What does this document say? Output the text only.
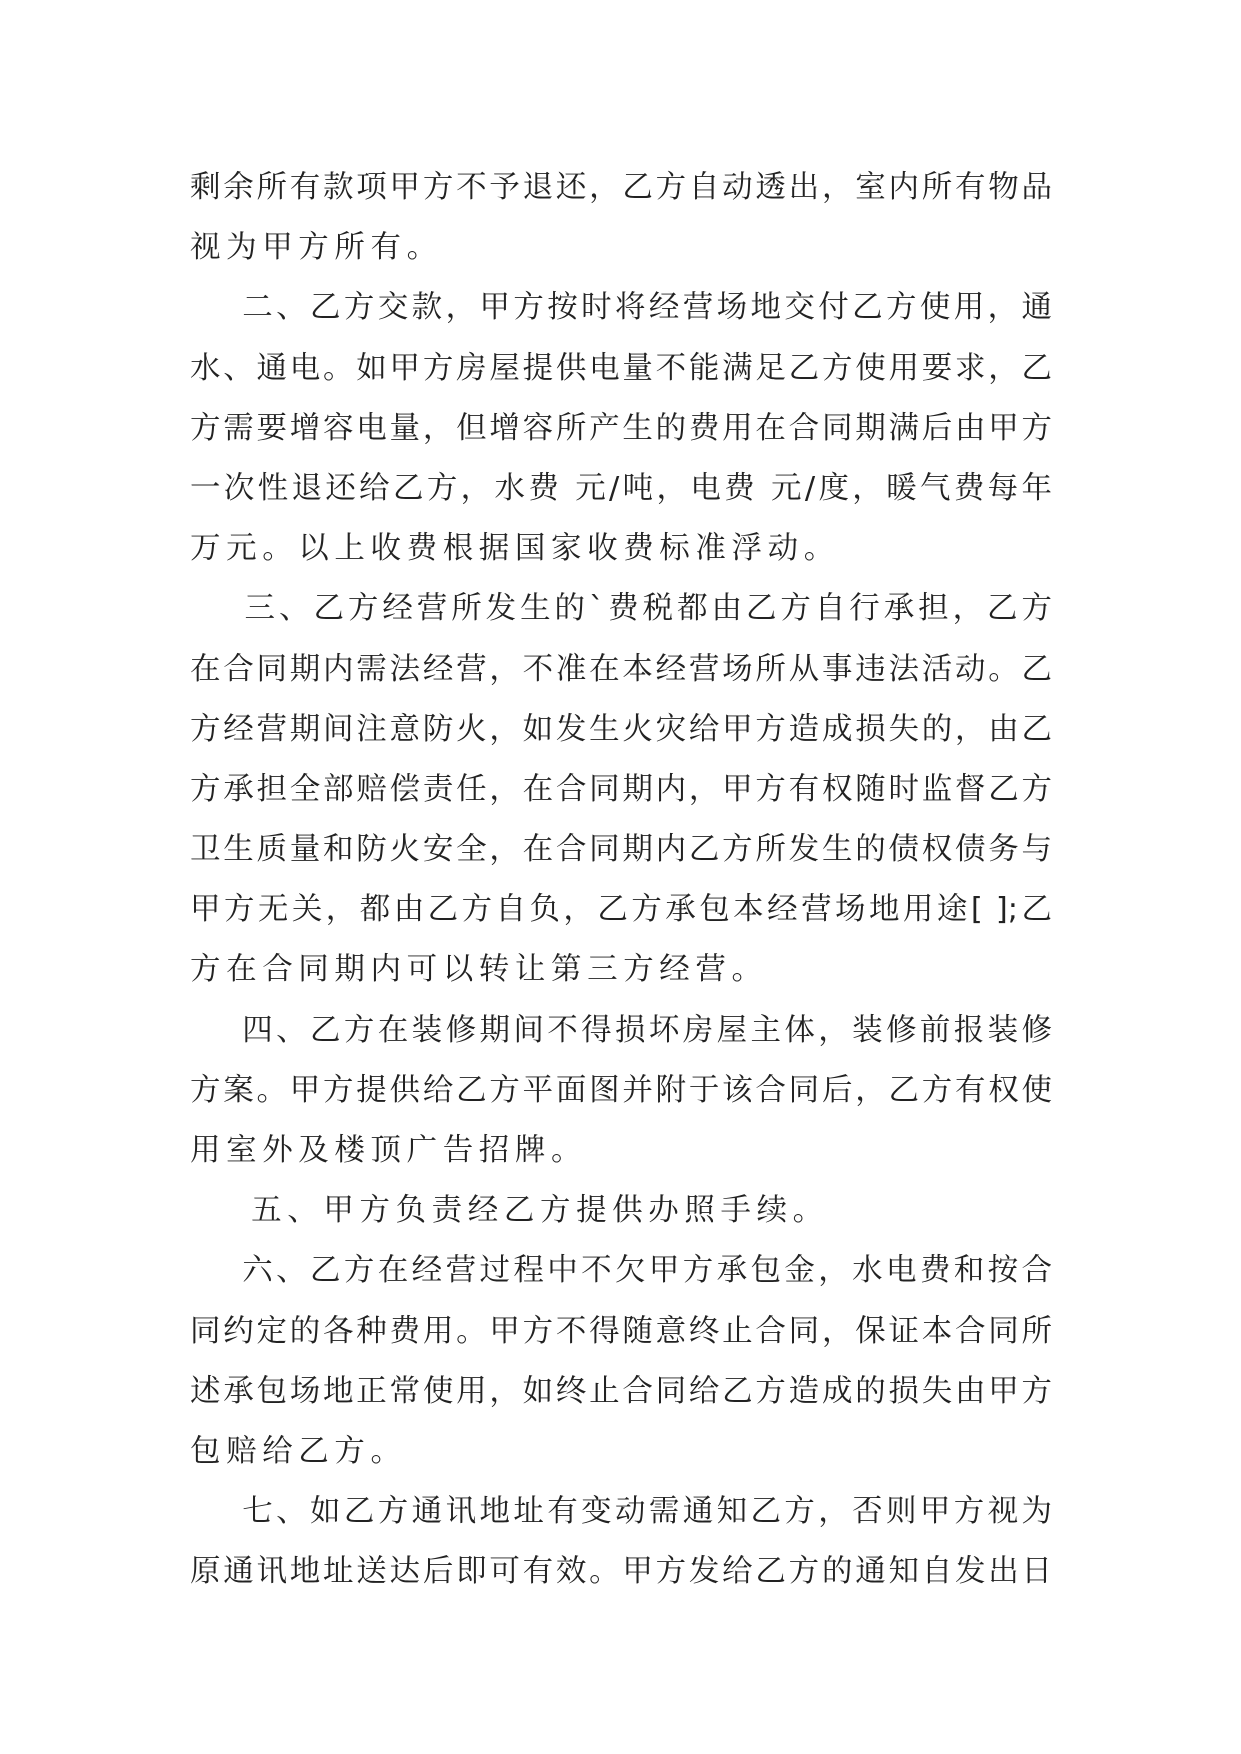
剩余所有款项甲方不予退还，乙方自动透出，室内所有物品
视为甲方所有。
二、乙方交款，甲方按时将经营场地交付乙方使用，通
水、通电。如甲方房屋提供电量不能满足乙方使用要求，乙
方需要增容电量，但增容所产生的费用在合同期满后由甲方
一次性退还给乙方，水费 元/吨，电费 元/度，暖气费每年
万元。以上收费根据国家收费标准浮动。
三、乙方经营所发生的`费税都由乙方自行承担，乙方
在合同期内需法经营，不准在本经营场所从事违法活动。乙
方经营期间注意防火，如发生火灾给甲方造成损失的，由乙
方承担全部赔偿责任，在合同期内，甲方有权随时监督乙方
卫生质量和防火安全，在合同期内乙方所发生的债权债务与
甲方无关，都由乙方自负，乙方承包本经营场地用途[ ];乙
方在合同期内可以转让第三方经营。
四、乙方在装修期间不得损坏房屋主体，装修前报装修
方案。甲方提供给乙方平面图并附于该合同后，乙方有权使
用室外及楼顶广告招牌。
五、甲方负责经乙方提供办照手续。
六、乙方在经营过程中不欠甲方承包金，水电费和按合
同约定的各种费用。甲方不得随意终止合同，保证本合同所
述承包场地正常使用，如终止合同给乙方造成的损失由甲方
包赔给乙方。
七、如乙方通讯地址有变动需通知乙方，否则甲方视为
原通讯地址送达后即可有效。甲方发给乙方的通知自发出日
